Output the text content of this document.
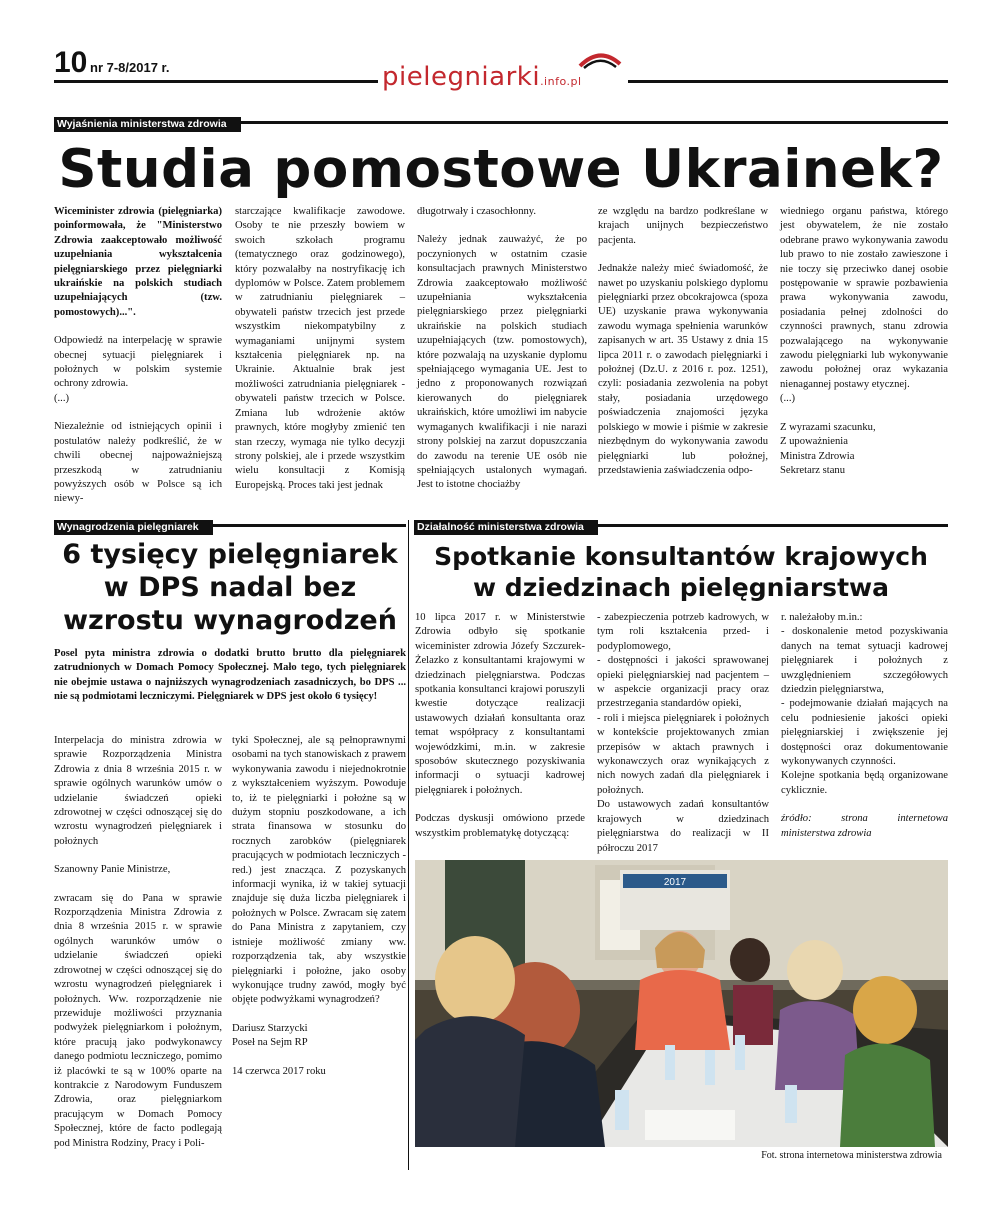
10 nr 7-8/2017 r.	pielegniarki.info.pl
Wyjaśnienia ministerstwa zdrowia
Studia pomostowe Ukrainek?

Wiceminister zdrowia (pielęgniarka) poinformowała, że "Ministerstwo Zdrowia zaakceptowało możliwość uzupełniania wykształcenia pielęgniarskiego przez pielęgniarki ukraińskie na polskich studiach uzupełniających (tzw. pomostowych)...".

Odpowiedź na interpelację w sprawie obecnej sytuacji pielęgniarek i położnych w polskim systemie ochrony zdrowia.

(...)

Niezależnie od istniejących opinii i postulatów należy podkreślić, że w chwili obecnej najpoważniejszą przeszkodą w zatrudnianiu powyższych osób w Polsce są ich niewy-

starczające kwalifikacje zawodowe. Osoby te nie przeszły bowiem w swoich szkołach programu (tematycznego oraz godzinowego), który pozwalałby na nostryfikację ich dyplomów w Polsce. Zatem problemem w zatrudnianiu pielęgniarek – obywateli państw trzecich jest przede wszystkim niekompatybilny z wymaganiami unijnymi system kształcenia pielęgniarek np. na Ukrainie. Aktualnie brak jest możliwości zatrudniania pielęgniarek - obywateli państw trzecich w Polsce. Zmiana lub wdrożenie aktów prawnych, które mogłyby zmienić ten stan rzeczy, wymaga nie tylko decyzji strony polskiej, ale i przede wszystkim wielu konsultacji z Komisją Europejską. Proces taki jest jednak

długotrwały i czasochłonny.

Należy jednak zauważyć, że po poczynionych w ostatnim czasie konsultacjach prawnych Ministerstwo Zdrowia zaakceptowało możliwość uzupełniania wykształcenia pielęgniarskiego przez pielęgniarki ukraińskie na polskich studiach uzupełniających (tzw. pomostowych), które pozwalają na uzyskanie dyplomu spełniającego wymagania UE. Jest to jedno z proponowanych rozwiązań kierowanych do pielęgniarek ukraińskich, które umożliwi im nabycie wymaganych kwalifikacji i nie narazi strony polskiej na zarzut dopuszczania do zawodu na terenie UE osób nie spełniających ustalonych wymagań. Jest to istotne chociażby

ze względu na bardzo podkreślane w krajach unijnych bezpieczeństwo pacjenta.

Jednakże należy mieć świadomość, że nawet po uzyskaniu polskiego dyplomu pielęgniarki przez obcokrajowca (spoza UE) uzyskanie prawa wykonywania zawodu wymaga spełnienia warunków zapisanych w art. 35 Ustawy z dnia 15 lipca 2011 r. o zawodach pielęgniarki i położnej (Dz.U. z 2016 r. poz. 1251), czyli: posiadania zezwolenia na pobyt stały, posiadania urzędowego poświadczenia znajomości języka polskiego w mowie i piśmie w zakresie niezbędnym do wykonywania zawodu pielęgniarki lub położnej, przedstawienia zaświadczenia odpo-

wiedniego organu państwa, którego jest obywatelem, że nie zostało odebrane prawo wykonywania zawodu lub prawo to nie zostało zawieszone i nie toczy się przeciwko danej osobie postępowanie w sprawie pozbawienia prawa wykonywania zawodu, posiadania pełnej zdolności do czynności prawnych, stanu zdrowia pozwalającego na wykonywanie zawodu pielęgniarki lub wykonywanie zawodu położnej oraz wykazania nienagannej postawy etycznej.

(...)

Z wyrazami szacunku,

Z upoważnienia

Ministra Zdrowia

Sekretarz stanu

Wynagrodzenia pielęgniarek
6 tysięcy pielęgniarek
w DPS nadal bez
wzrostu wynagrodzeń
Posel pyta ministra zdrowia o dodatki brutto brutto dla pielęgniarek zatrudnionych w Domach Pomocy Społecznej. Mało tego, tych pielęgniarek nie obejmie ustawa o najniższych wynagrodzeniach zasadniczych, bo DPS ... nie są podmiotami leczniczymi. Pielęgniarek w DPS jest około 6 tysięcy!

Interpelacja do ministra zdrowia w sprawie Rozporządzenia Ministra Zdrowia z dnia 8 września 2015 r. w sprawie ogólnych warunków umów o udzielanie świadczeń opieki zdrowotnej w części odnoszącej się do wzrostu wynagrodzeń pielęgniarek i położnych

Szanowny Panie Ministrze,

zwracam się do Pana w sprawie Rozporządzenia Ministra Zdrowia z dnia 8 września 2015 r. w sprawie ogólnych warunków umów o udzielanie świadczeń opieki zdrowotnej w części odnoszącej się do wzrostu wynagrodzeń pielęgniarek i położnych. Ww. rozporządzenie nie przewiduje możliwości przyznania podwyżek pielęgniarkom i położnym, które pracują jako podwykonawcy danego podmiotu leczniczego, pomimo iż placówki te są w 100% oparte na kontrakcie z Narodowym Funduszem Zdrowia, oraz pielęgniarkom pracującym w Domach Pomocy Społecznej, które de facto podlegają pod Ministra Rodziny, Pracy i Poli-

tyki Społecznej, ale są pełnoprawnymi osobami na tych stanowiskach z prawem wykonywania zawodu i niejednokrotnie z wykształceniem wyższym. Powoduje to, iż te pielęgniarki i położne są w dużym stopniu poszkodowane, a ich strata finansowa w stosunku do rocznych zarobków (pielęgniarek pracujących w podmiotach leczniczych - red.) jest znacząca. Z pozyskanych informacji wynika, iż w takiej sytuacji znajduje się duża liczba pielęgniarek i położnych w Polsce. Zwracam się zatem do Pana Ministra z zapytaniem, czy istnieje możliwość zmiany ww. rozporządzenia tak, aby wszystkie pielęgniarki i położne, jako osoby wykonujące trudny zawód, mogły być objęte podwyżkami wynagrodzeń?

Dariusz Starzycki

Poseł na Sejm RP

14 czerwca 2017 roku

Działalność ministerstwa zdrowia
Spotkanie konsultantów krajowych
w dziedzinach pielęgniarstwa

10 lipca 2017 r. w Ministerstwie Zdrowia odbyło się spotkanie wiceminister zdrowia Józefy Szczurek-Żelazko z konsultantami krajowymi w dziedzinach pielęgniarstwa. Podczas spotkania konsultanci krajowi poruszyli kwestie dotyczące realizacji ustawowych działań konsultanta oraz temat współpracy z konsultantami wojewódzkimi, m.in. w zakresie sposobów skutecznego pozyskiwania informacji o sytuacji kadrowej pielęgniarek i położnych.

Podczas dyskusji omówiono przede wszystkim problematykę dotyczącą:

- zabezpieczenia potrzeb kadrowych, w tym roli kształcenia przed- i podyplomowego,

- dostępności i jakości sprawowanej opieki pielęgniarskiej nad pacjentem – w aspekcie organizacji pracy oraz przestrzegania standardów opieki,

- roli i miejsca pielęgniarek i położnych w kontekście projektowanych zmian przepisów w aktach prawnych i wykonawczych oraz wynikających z nich nowych zadań dla pielęgniarek i położnych.

Do ustawowych zadań konsultantów krajowych w dziedzinach pielęgniarstwa do realizacji w II półroczu 2017

r. należałoby m.in.:

- doskonalenie metod pozyskiwania danych na temat sytuacji kadrowej pielęgniarek i położnych z uwzględnieniem szczegółowych dziedzin pielęgniarstwa,

- podejmowanie działań mających na celu podniesienie jakości opieki pielęgniarskiej i zwiększenie jej dostępności oraz dokumentowanie wykonywanych czynności.

Kolejne spotkania będą organizowane cyklicznie.

źródło: strona internetowa ministerstwa zdrowia

2017
Fot. strona internetowa ministerstwa zdrowia
